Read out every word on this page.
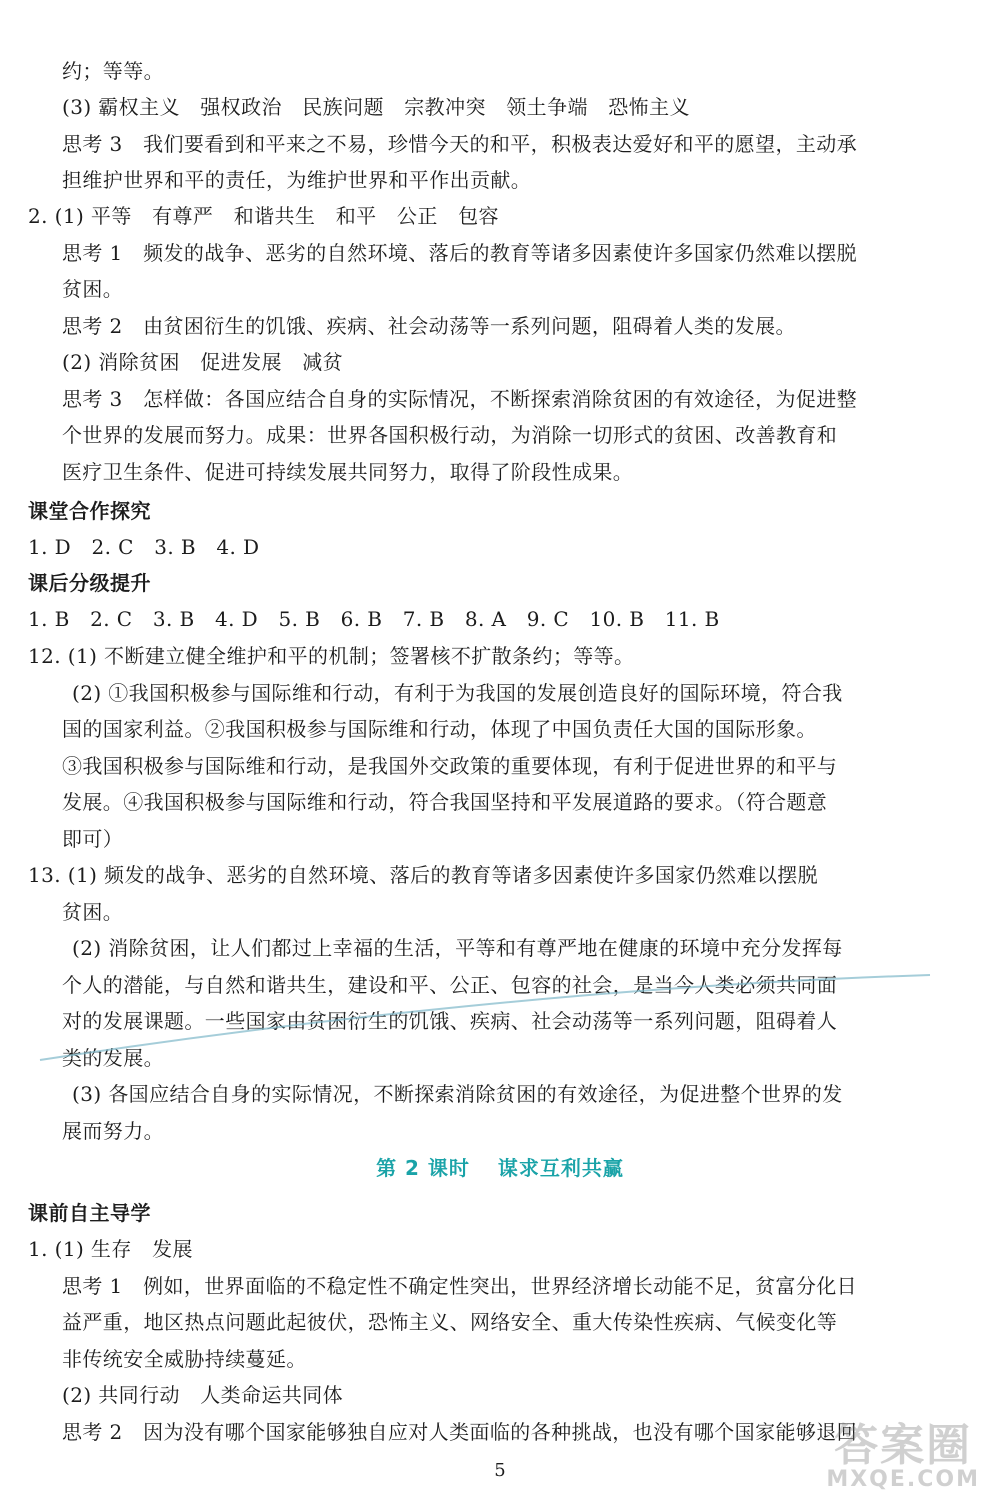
约；等等。
(3) 霸权主义　强权政治　民族问题　宗教冲突　领土争端　恐怖主义
思考 3　我们要看到和平来之不易，珍惜今天的和平，积极表达爱好和平的愿望，主动承
担维护世界和平的责任，为维护世界和平作出贡献。
2. (1) 平等　有尊严　和谐共生　和平　公正　包容
思考 1　频发的战争、恶劣的自然环境、落后的教育等诸多因素使许多国家仍然难以摆脱
贫困。
思考 2　由贫困衍生的饥饿、疾病、社会动荡等一系列问题，阻碍着人类的发展。
(2) 消除贫困　促进发展　减贫
思考 3　怎样做：各国应结合自身的实际情况，不断探索消除贫困的有效途径，为促进整
个世界的发展而努力。成果：世界各国积极行动，为消除一切形式的贫困、改善教育和
医疗卫生条件、促进可持续发展共同努力，取得了阶段性成果。
课堂合作探究
1. D　2. C　3. B　4. D
课后分级提升
1. B　2. C　3. B　4. D　5. B　6. B　7. B　8. A　9. C　10. B　11. B
12. (1) 不断建立健全维护和平的机制；签署核不扩散条约；等等。
(2) ①我国积极参与国际维和行动，有利于为我国的发展创造良好的国际环境，符合我
国的国家利益。②我国积极参与国际维和行动，体现了中国负责任大国的国际形象。
③我国积极参与国际维和行动，是我国外交政策的重要体现，有利于促进世界的和平与
发展。④我国积极参与国际维和行动，符合我国坚持和平发展道路的要求。（符合题意
即可）
13. (1) 频发的战争、恶劣的自然环境、落后的教育等诸多因素使许多国家仍然难以摆脱
贫困。
(2) 消除贫困，让人们都过上幸福的生活，平等和有尊严地在健康的环境中充分发挥每
个人的潜能，与自然和谐共生，建设和平、公正、包容的社会，是当今人类必须共同面
对的发展课题。一些国家由贫困衍生的饥饿、疾病、社会动荡等一系列问题，阻碍着人
类的发展。
(3) 各国应结合自身的实际情况，不断探索消除贫困的有效途径，为促进整个世界的发
展而努力。
第 2 课时 谋求互利共赢
课前自主导学
1. (1) 生存　发展
思考 1　例如，世界面临的不稳定性不确定性突出，世界经济增长动能不足，贫富分化日
益严重，地区热点问题此起彼伏，恐怖主义、网络安全、重大传染性疾病、气候变化等
非传统安全威胁持续蔓延。
(2) 共同行动　人类命运共同体
思考 2　因为没有哪个国家能够独自应对人类面临的各种挑战，也没有哪个国家能够退回
5	答案圈
MXQE.COM
